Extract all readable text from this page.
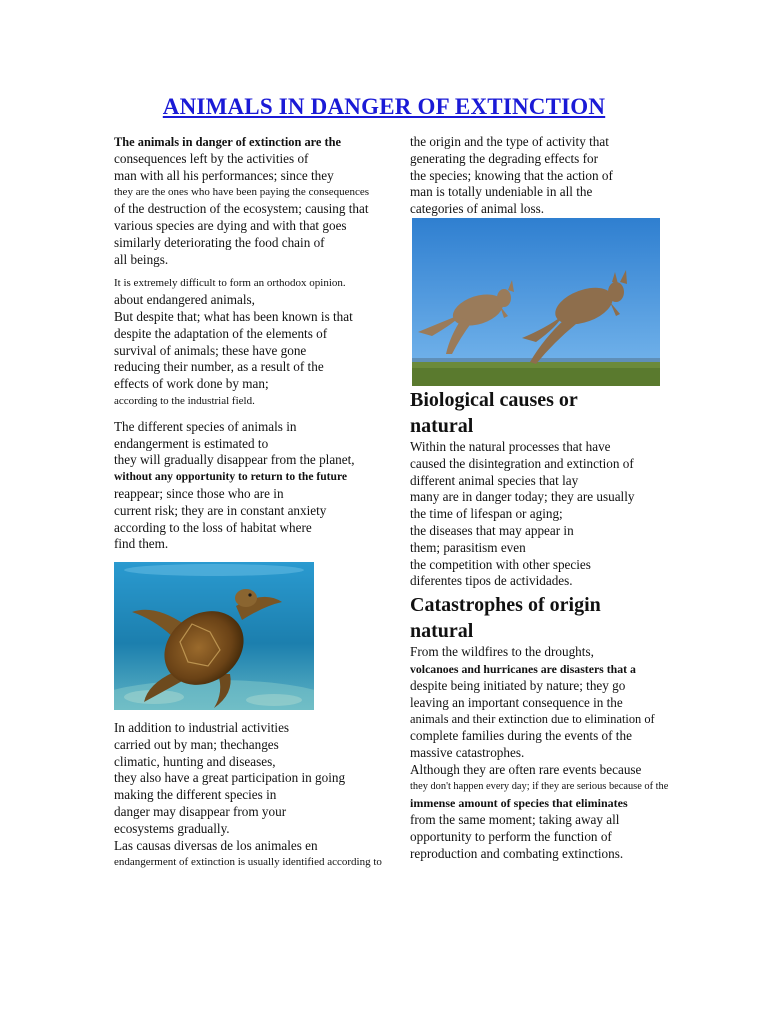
ANIMALS IN DANGER OF EXTINCTION
The animals in danger of extinction are the
consequences left by the activities of
man with all his performances; since they
they are the ones who have been paying the consequences
of the destruction of the ecosystem; causing that
various species are dying and with that goes
similarly deteriorating the food chain of
all beings.
It is extremely difficult to form an orthodox opinion.
about endangered animals,
But despite that; what has been known is that
despite the adaptation of the elements of
survival of animals; these have gone
reducing their number, as a result of the
effects of work done by man;
according to the industrial field.
The different species of animals in
endangerment is estimated to
they will gradually disappear from the planet,
without any opportunity to return to the future
reappear; since those who are in
current risk; they are in constant anxiety
according to the loss of habitat where
find them.
In addition to industrial activities
carried out by man; thechanges
climatic, hunting and diseases,
they also have a great participation in going
making the different species in
danger may disappear from your
ecosystems gradually.
Las causas diversas de los animales en
endangerment of extinction is usually identified according to
the origin and the type of activity that
generating the degrading effects for
the species; knowing that the action of
man is totally undeniable in all the
categories of animal loss.
Biological causes or
natural
Within the natural processes that have
caused the disintegration and extinction of
different animal species that lay
many are in danger today; they are usually
the time of lifespan or aging;
the diseases that may appear in
them; parasitism even
the competition with other species
diferentes tipos de actividades.
Catastrophes of origin
natural
From the wildfires to the droughts,
volcanoes and hurricanes are disasters that a
despite being initiated by nature; they go
leaving an important consequence in the
animals and their extinction due to elimination of
complete families during the events of the
massive catastrophes.
Although they are often rare events because
they don't happen every day; if they are serious because of the
immense amount of species that eliminates
from the same moment; taking away all
opportunity to perform the function of
reproduction and combating extinctions.
